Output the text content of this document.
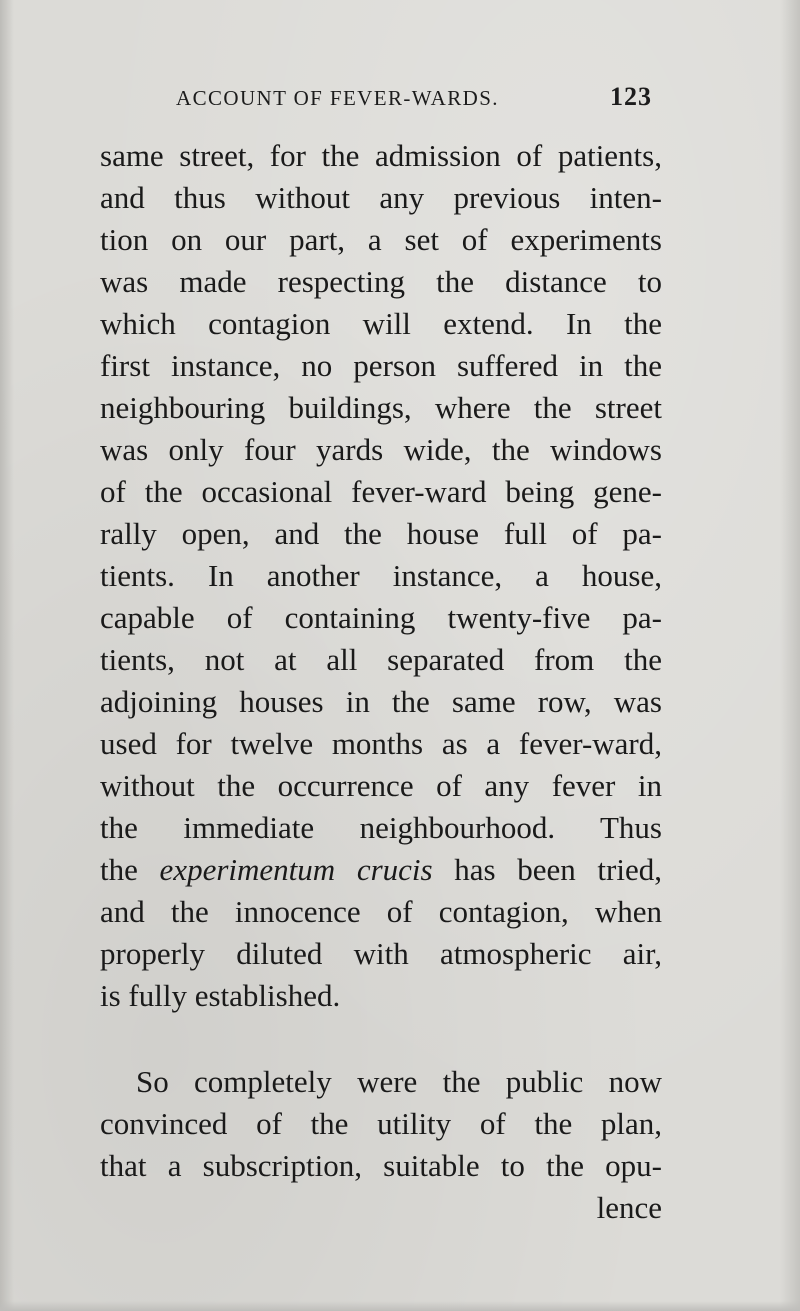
ACCOUNT OF FEVER-WARDS.	123
same street, for the admission of patients,
and thus without any previous inten-
tion on our part, a set of experiments
was made respecting the distance to
which contagion will extend. In the
first instance, no person suffered in the
neighbouring buildings, where the street
was only four yards wide, the windows
of the occasional fever-ward being gene-
rally open, and the house full of pa-
tients. In another instance, a house,
capable of containing twenty-five pa-
tients, not at all separated from the
adjoining houses in the same row, was
used for twelve months as a fever-ward,
without the occurrence of any fever in
the immediate neighbourhood. Thus
the experimentum crucis has been tried,
and the innocence of contagion, when
properly diluted with atmospheric air,
is fully established.
So completely were the public now
convinced of the utility of the plan,
that a subscription, suitable to the opu-
lence
